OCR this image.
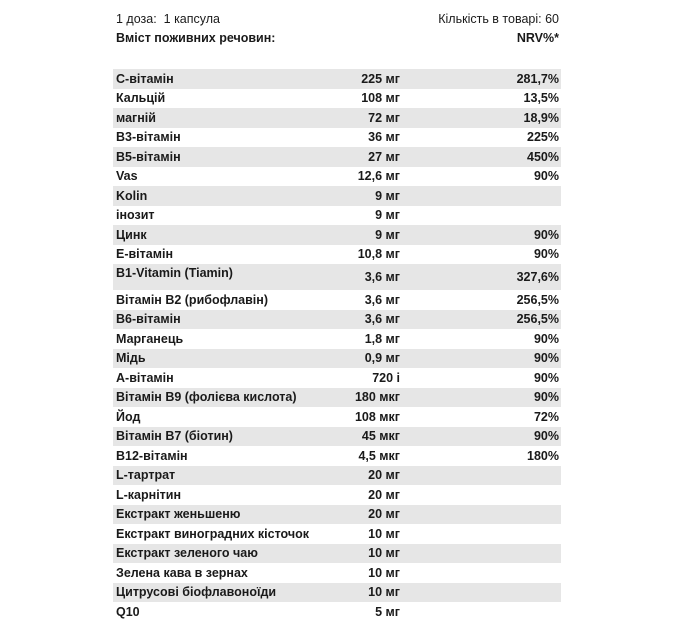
1 доза: 1 капсула	Кількість в товарі: 60
Вміст поживних речовин:	NRV%*
C-вітамін	225 мг	281,7%
Кальцій	108 мг	13,5%
магній	72 мг	18,9%
B3-вітамін	36 мг	225%
B5-вітамін	27 мг	450%
Vas	12,6 мг	90%
Kolin	9 мг
інозит	9 мг
Цинк	9 мг	90%
E-вітамін	10,8 мг	90%
B1-Vitamin (Tiamin)	3,6 мг	327,6%
Вітамін B2 (рибофлавін)	3,6 мг	256,5%
B6-вітамін	3,6 мг	256,5%
Марганець	1,8 мг	90%
Мідь	0,9 мг	90%
A-вітамін	720 і	90%
Вітамін B9 (фолієва кислота)	180 мкг	90%
Йод	108 мкг	72%
Вітамін B7 (біотин)	45 мкг	90%
B12-вітамін	4,5 мкг	180%
L-тартрат	20 мг
L-карнітин	20 мг
Екстракт женьшеню	20 мг
Екстракт виноградних кісточок	10 мг
Екстракт зеленого чаю	10 мг
Зелена кава в зернах	10 мг
Цитрусові біофлавоноїди	10 мг
Q10	5 мг
